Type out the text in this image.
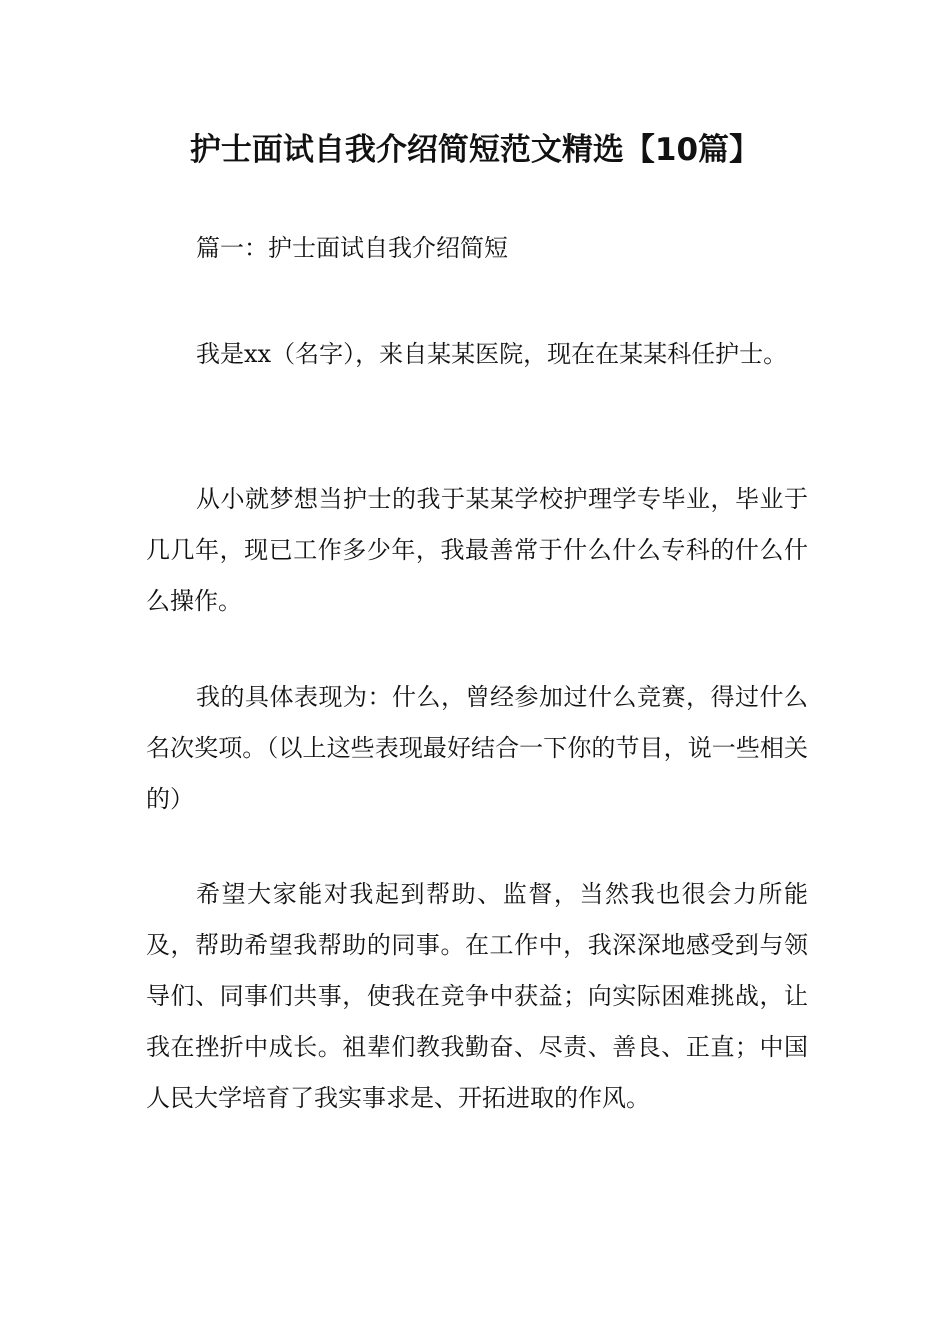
护士面试自我介绍简短范文精选【10篇】

篇一：护士面试自我介绍简短

我是xx（名字），来自某某医院，现在在某某科任护士。

从小就梦想当护士的我于某某学校护理学专毕业，毕业于几几年，现已工作多少年，我最善常于什么什么专科的什么什么操作。

我的具体表现为：什么，曾经参加过什么竞赛，得过什么名次奖项。（以上这些表现最好结合一下你的节目，说一些相关的）

希望大家能对我起到帮助、监督，当然我也很会力所能及，帮助希望我帮助的同事。在工作中，我深深地感受到与领导们、同事们共事，使我在竞争中获益；向实际困难挑战，让我在挫折中成长。祖辈们教我勤奋、尽责、善良、正直；中国人民大学培育了我实事求是、开拓进取的作风。
